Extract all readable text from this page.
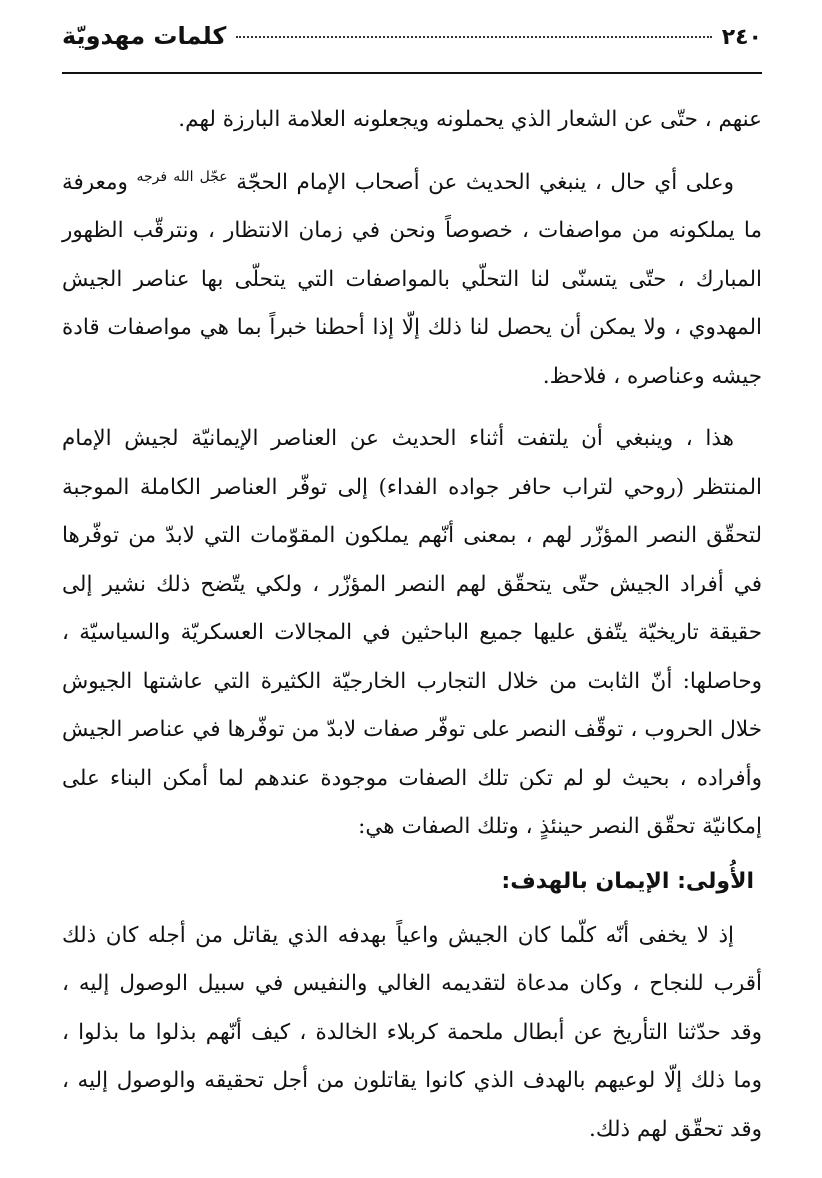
٢٤٠
كلمات مهدويّة

عنهم ، حتّى عن الشعار الذي يحملونه ويجعلونه العلامة البارزة لهم.

وعلى أي حال ، ينبغي الحديث عن أصحاب الإمام الحجّة $^{عجّل الله فرجه}$ ومعرفة ما يملكونه من مواصفات ، خصوصاً ونحن في زمان الانتظار ، ونترقّب الظهور المبارك ، حتّى يتسنّى لنا التحلّي بالمواصفات التي يتحلّى بها عناصر الجيش المهدوي ، ولا يمكن أن يحصل لنا ذلك إلّا إذا أحطنا خبراً بما هي مواصفات قادة جيشه وعناصره ، فلاحظ.

هذا ، وينبغي أن يلتفت أثناء الحديث عن العناصر الإيمانيّة لجيش الإمام المنتظر (روحي لتراب حافر جواده الفداء) إلى توفّر العناصر الكاملة الموجبة لتحقّق النصر المؤزّر لهم ، بمعنى أنّهم يملكون المقوّمات التي لابدّ من توفّرها في أفراد الجيش حتّى يتحقّق لهم النصر المؤزّر ، ولكي يتّضح ذلك نشير إلى حقيقة تاريخيّة يتّفق عليها جميع الباحثين في المجالات العسكريّة والسياسيّة ، وحاصلها: أنّ الثابت من خلال التجارب الخارجيّة الكثيرة التي عاشتها الجيوش خلال الحروب ، توقّف النصر على توفّر صفات لابدّ من توفّرها في عناصر الجيش وأفراده ، بحيث لو لم تكن تلك الصفات موجودة عندهم لما أمكن البناء على إمكانيّة تحقّق النصر حينئذٍ ، وتلك الصفات هي:

الأُولى: الإيمان بالهدف:

إذ لا يخفى أنّه كلّما كان الجيش واعياً بهدفه الذي يقاتل من أجله كان ذلك أقرب للنجاح ، وكان مدعاة لتقديمه الغالي والنفيس في سبيل الوصول إليه ، وقد حدّثنا التأريخ عن أبطال ملحمة كربلاء الخالدة ، كيف أنّهم بذلوا ما بذلوا ، وما ذلك إلّا لوعيهم بالهدف الذي كانوا يقاتلون من أجل تحقيقه والوصول إليه ، وقد تحقّق لهم ذلك.
